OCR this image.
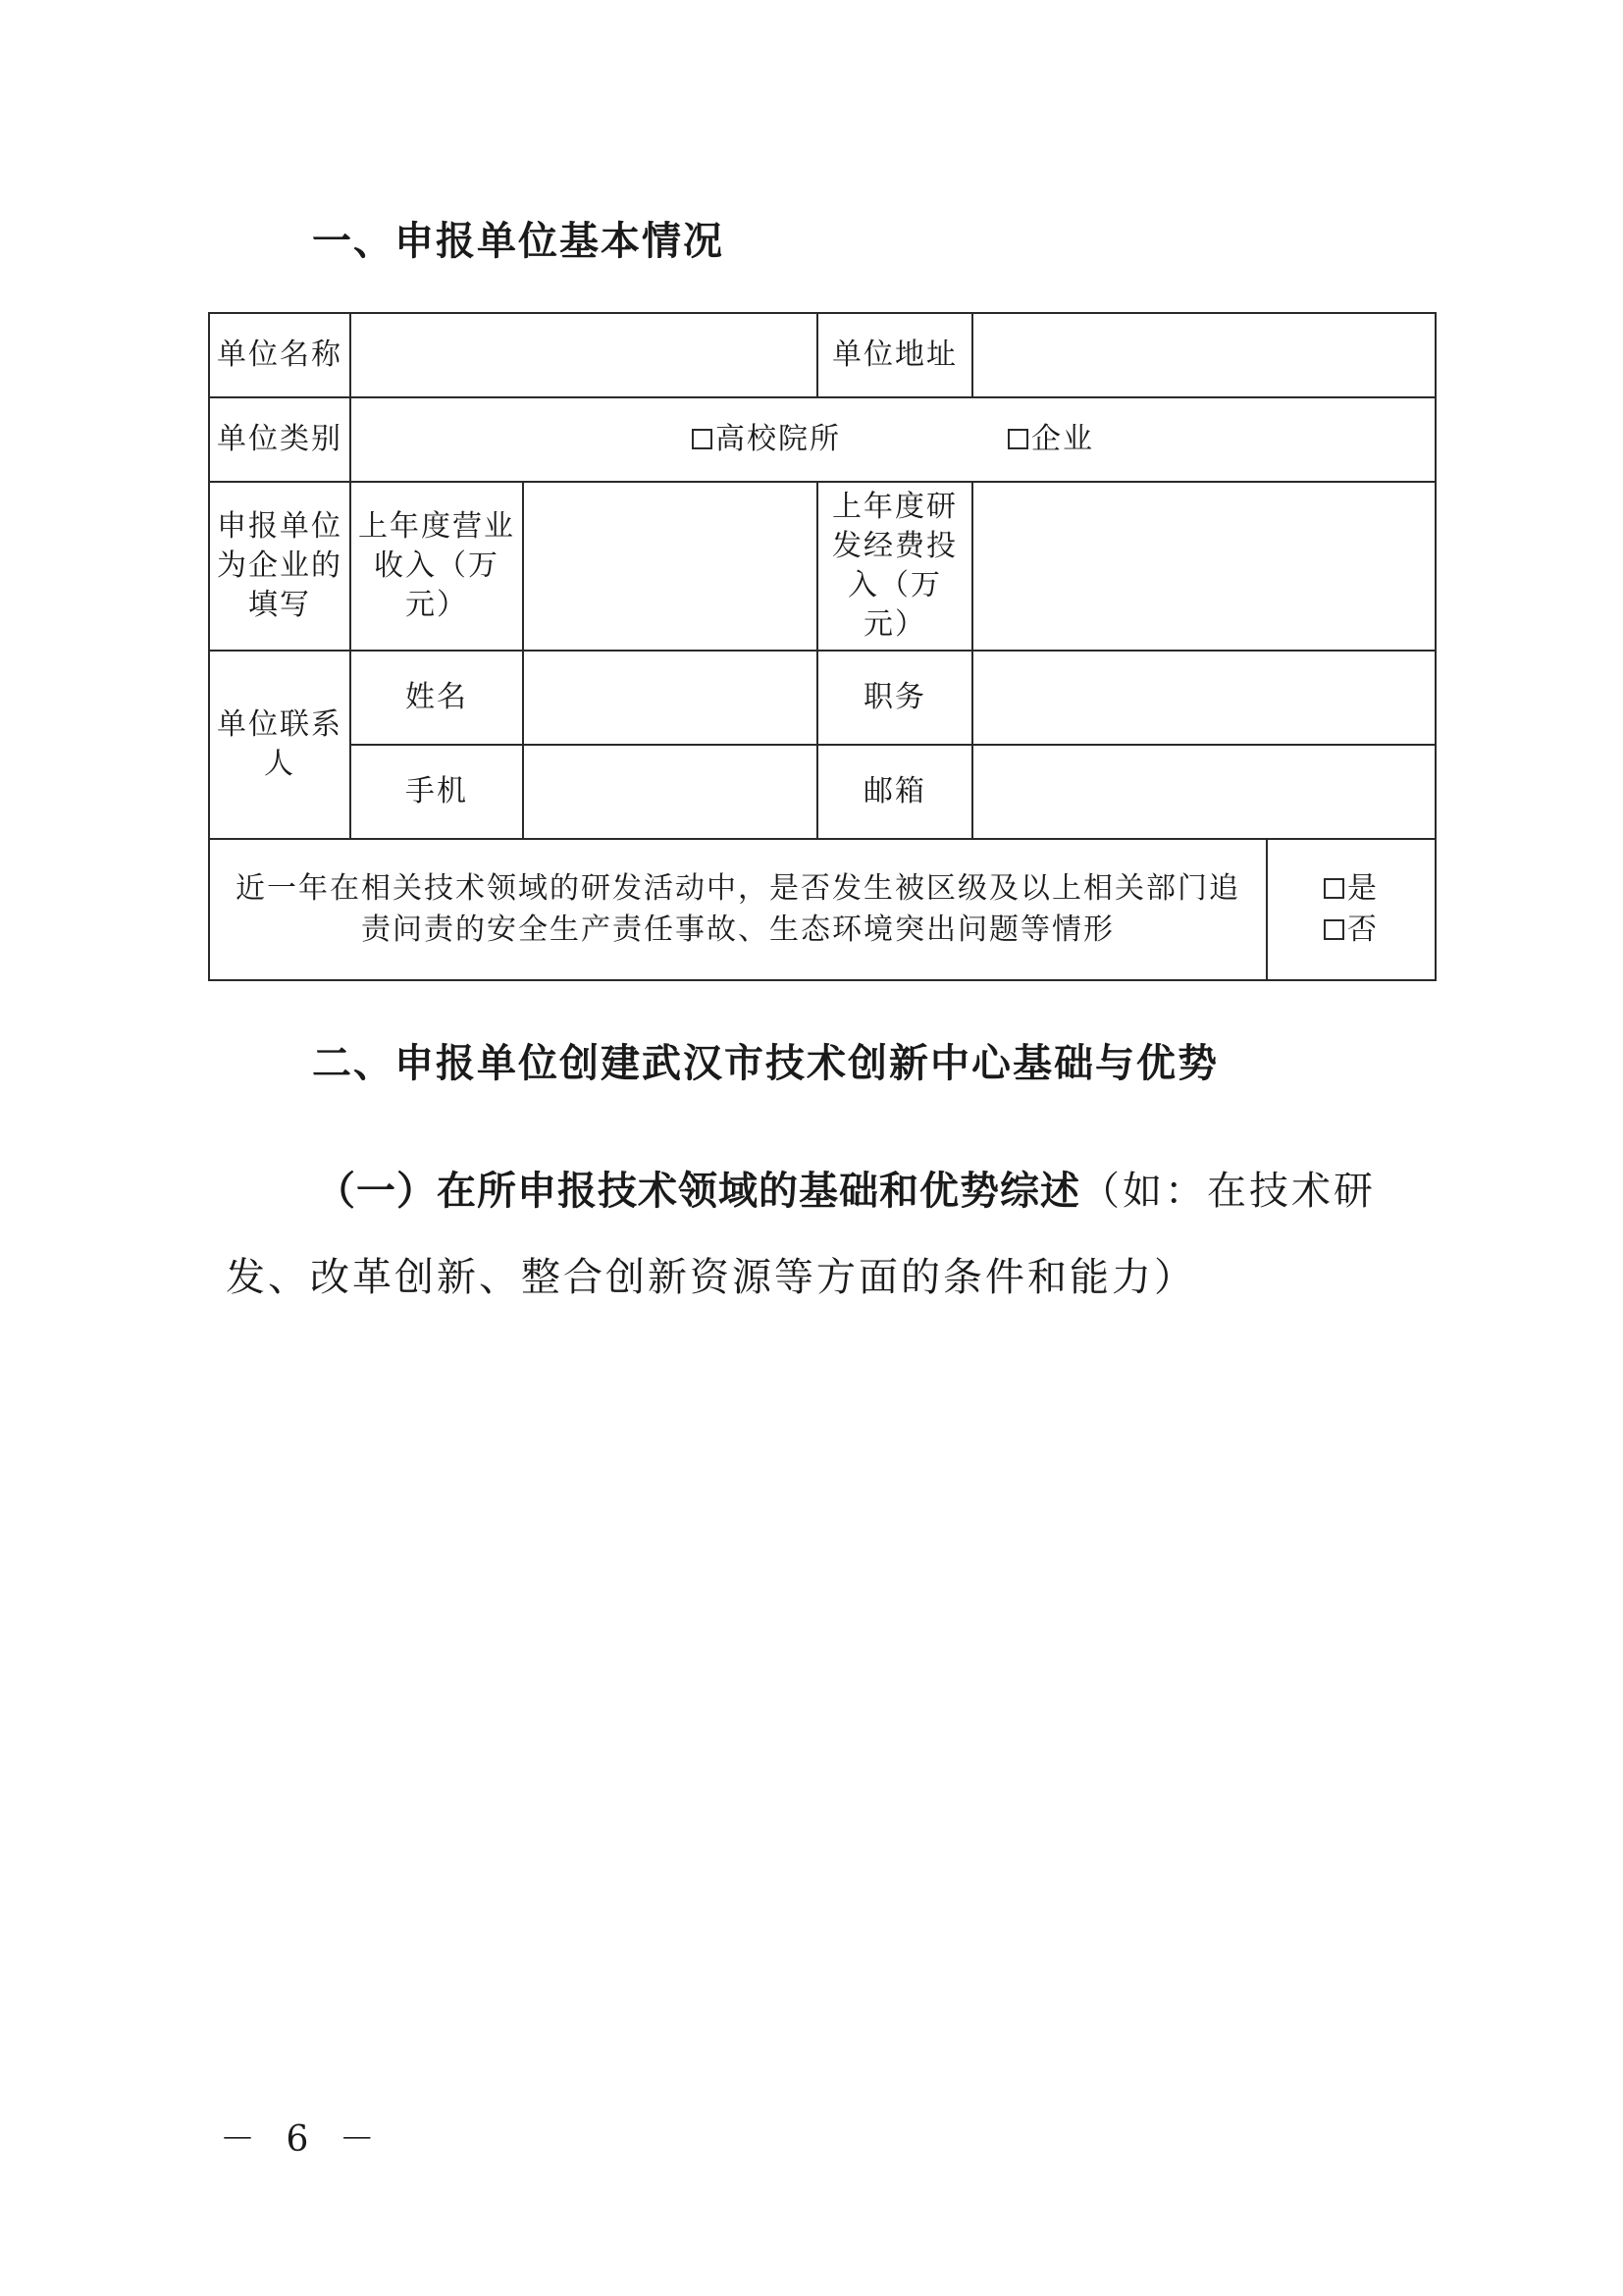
一、申报单位基本情况
单位名称			单位地址		
单位类别	高校院所 企业				
申报单位为企业的填写	上年度营业收入（万元）		上年度研发经费投入（万元）		
单位联系人	姓名		职务		
	手机		邮箱		
近一年在相关技术领域的研发活动中，是否发生被区级及以上相关部门追责问责的安全生产责任事故、生态环境突出问题等情形					是
否
二、申报单位创建武汉市技术创新中心基础与优势

（一）在所申报技术领域的基础和优势综述（如：在技术研发、改革创新、整合创新资源等方面的条件和能力）

－ 6 －
